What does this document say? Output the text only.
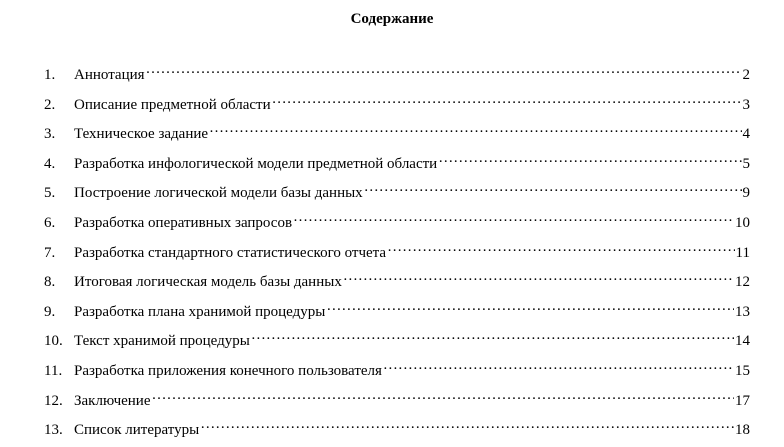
Содержание
1.	Аннотация ………………………………………………………………………………………………………………………………………………………………………………………………………………………………	2
2.	Описание предметной области ………………………………………………………………………………………………………………………………………………………………………………………………………………………………	3
3.	Техническое задание ………………………………………………………………………………………………………………………………………………………………………………………………………………………………	4
4.	Разработка инфологической модели предметной области ………………………………………………………………………………………………………………………………………………………………………………………………………………………………	5
5.	Построение логической модели базы данных ………………………………………………………………………………………………………………………………………………………………………………………………………………………………	9
6.	Разработка оперативных запросов ………………………………………………………………………………………………………………………………………………………………………………………………………………………………	10
7.	Разработка стандартного статистического отчета ………………………………………………………………………………………………………………………………………………………………………………………………………………………………	11
8.	Итоговая логическая модель базы данных ………………………………………………………………………………………………………………………………………………………………………………………………………………………………	12
9.	Разработка плана хранимой процедуры ………………………………………………………………………………………………………………………………………………………………………………………………………………………………	13
10. Текст хранимой процедуры ………………………………………………………………………………………………………………………………………………………………………………………………………………………………	14
11. Разработка приложения конечного пользователя ………………………………………………………………………………………………………………………………………………………………………………………………………………………………	15
12. Заключение ………………………………………………………………………………………………………………………………………………………………………………………………………………………………	17
13. Список литературы ………………………………………………………………………………………………………………………………………………………………………………………………………………………………	18
